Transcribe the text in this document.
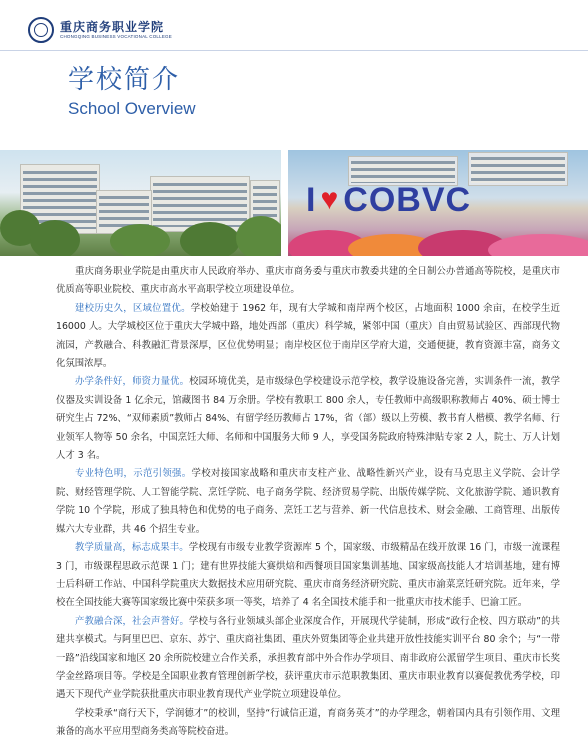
重庆商务职业学院
CHONGQING BUSINESS VOCATIONAL COLLEGE
学校简介
School Overview
I ♥ COBVC

重庆商务职业学院是由重庆市人民政府举办、重庆市商务委与重庆市教委共建的全日制公办普通高等院校，是重庆市优质高等职业院校、重庆市高水平高职学校立项建设单位。

建校历史久，区域位置优。学校始建于 1962 年，现有大学城和南岸两个校区，占地面积 1000 余亩，在校学生近 16000 人。大学城校区位于重庆大学城中路，地处西部（重庆）科学城，紧邻中国（重庆）自由贸易试验区、西部现代物流园，产教融合、科教融汇背景深厚，区位优势明显；南岸校区位于南岸区学府大道，交通便捷，教育资源丰富，商务文化氛围浓厚。

办学条件好，师资力量优。校园环境优美，是市级绿色学校建设示范学校，教学设施设备完善，实训条件一流，教学仪器及实训设备 1 亿余元，馆藏图书 84 万余册。学校有教职工 800 余人，专任教师中高级职称教师占 40%、硕士博士研究生占 72%、“双师素质”教师占 84%、有留学经历教师占 17%，省（部）级以上劳模、教书育人楷模、教学名师、行业领军人物等 50 余名，中国烹饪大师、名师和中国服务大师 9 人，享受国务院政府特殊津贴专家 2 人，院士、万人计划人才 3 名。

专业特色明，示范引领强。学校对接国家战略和重庆市支柱产业、战略性新兴产业，设有马克思主义学院、会计学院、财经管理学院、人工智能学院、烹饪学院、电子商务学院、经济贸易学院、出版传媒学院、文化旅游学院、通识教育学院 10 个学院，形成了独具特色和优势的电子商务、烹饪工艺与营养、新一代信息技术、财会金融、工商管理、出版传媒六大专业群，共 46 个招生专业。

教学质量高，标志成果丰。学校现有市级专业教学资源库 5 个，国家级、市级精品在线开放课 16 门，市级一流课程 3 门，市级课程思政示范课 1 门；建有世界技能大赛烘焙和西餐项目国家集训基地、国家级高技能人才培训基地，建有博士后科研工作站、中国科学院重庆大数据技术应用研究院、重庆市商务经济研究院、重庆市渝菜烹饪研究院。近年来，学校在全国技能大赛等国家级比赛中荣获多项一等奖，培养了 4 名全国技术能手和一批重庆市技术能手、巴渝工匠。

产教融合深，社会声誉好。学校与各行业领域头部企业深度合作，开展现代学徒制，形成“政行企校、四方联动”的共建共享模式。与阿里巴巴、京东、苏宁、重庆商社集团、重庆外贸集团等企业共建开放性技能实训平台 80 余个；与“一带一路”沿线国家和地区 20 余所院校建立合作关系，承担教育部中外合作办学项目、南非政府公派留学生项目、重庆市长奖学金丝路项目等。学校是全国职业教育管理创新学校，获评重庆市示范职教集团、重庆市职业教育以赛促教优秀学校，印遇天下现代产业学院获批重庆市职业教育现代产业学院立项建设单位。

学校秉承“商行天下，学润德才”的校训，坚持“行诚信正道，育商务英才”的办学理念，朝着国内具有引领作用、文理兼备的高水平应用型商务类高等院校奋进。
